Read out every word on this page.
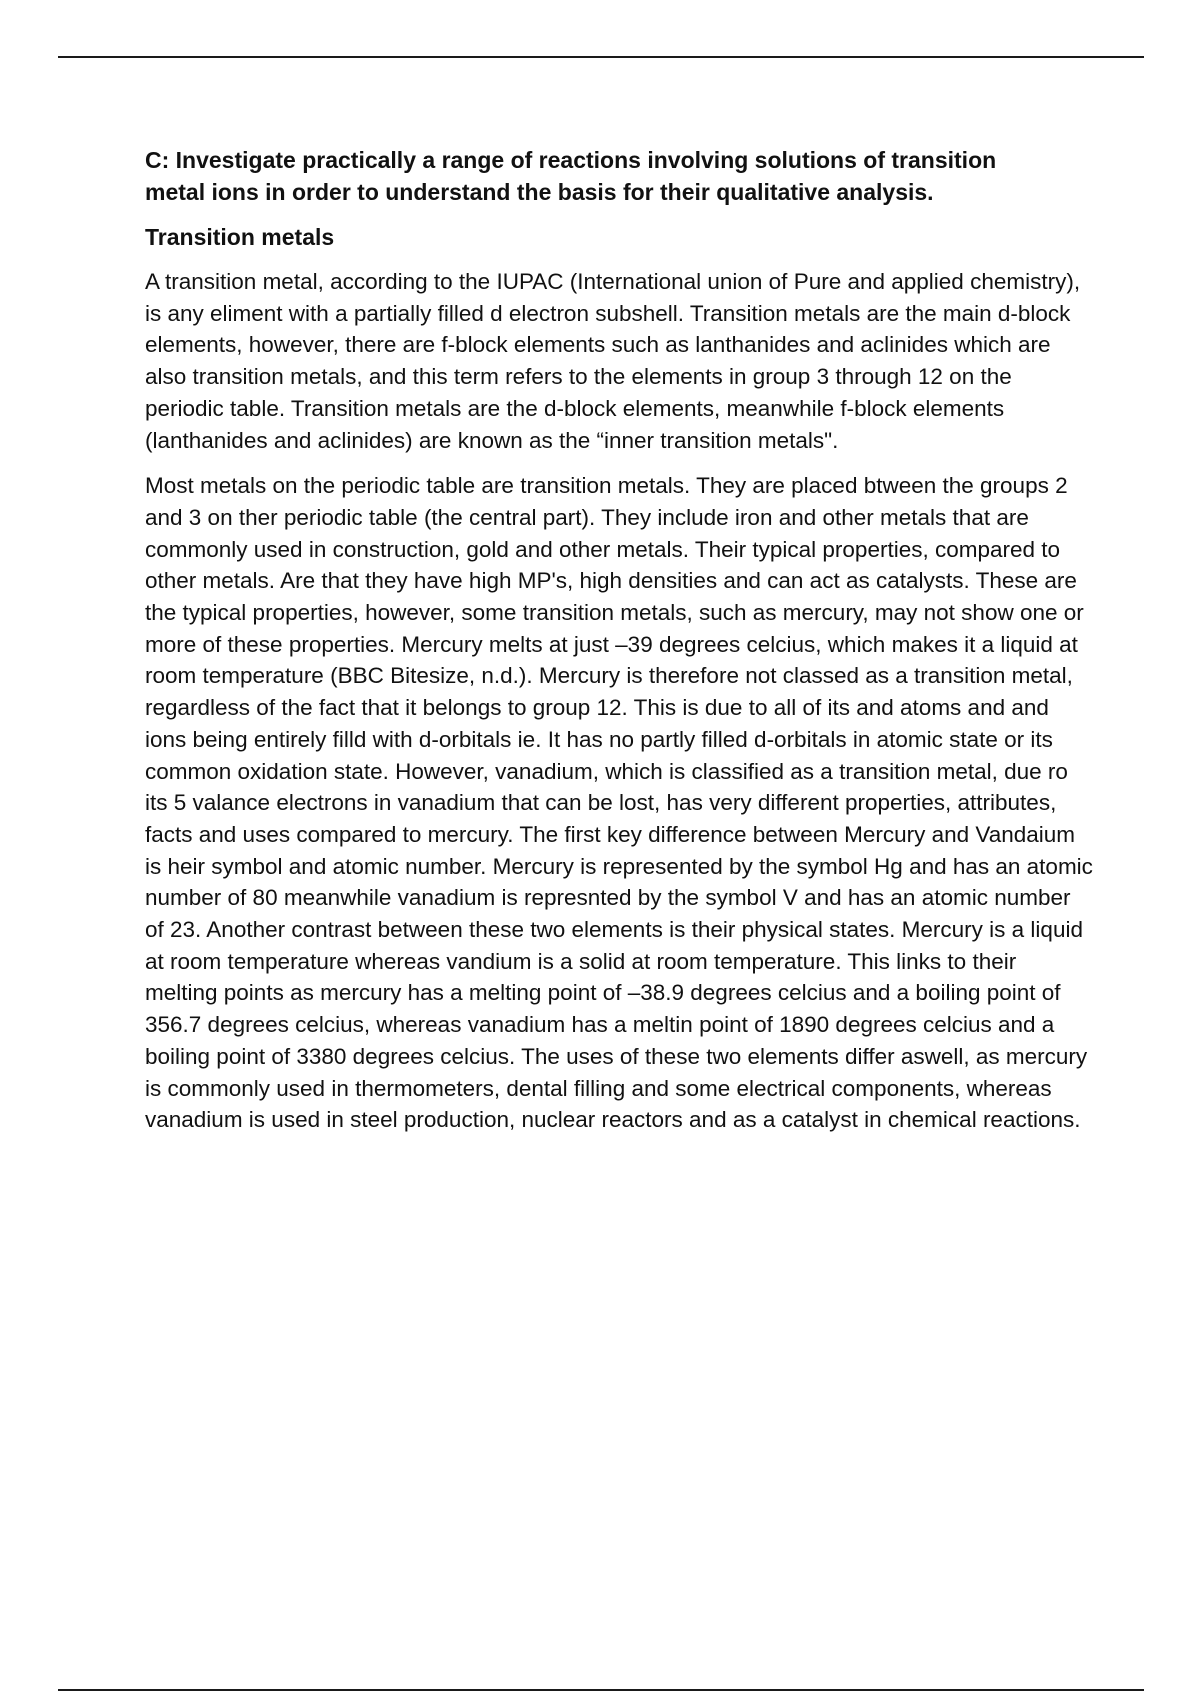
C: Investigate practically a range of reactions involving solutions of transition metal ions in order to understand the basis for their qualitative analysis.

Transition metals

A transition metal, according to the IUPAC (International union of Pure and applied chemistry), is any eliment with a partially filled d electron subshell. Transition metals are the main d-block elements, however, there are f-block elements such as lanthanides and aclinides which are also transition metals, and this term refers to the elements in group 3 through 12 on the periodic table. Transition metals are the d-block elements, meanwhile f-block elements (lanthanides and aclinides) are known as the “inner transition metals".

Most metals on the periodic table are transition metals. They are placed btween the groups 2 and 3 on ther periodic table (the central part). They include iron and other metals that are commonly used in construction, gold and other metals. Their typical properties, compared to other metals. Are that they have high MP's, high densities and can act as catalysts. These are the typical properties, however, some transition metals, such as mercury, may not show one or more of these properties. Mercury melts at just –39 degrees celcius, which makes it a liquid at room temperature (BBC Bitesize, n.d.). Mercury is therefore not classed as a transition metal, regardless of the fact that it belongs to group 12. This is due to all of its and atoms and and ions being entirely filld with d-orbitals ie. It has no partly filled d-orbitals in atomic state or its common oxidation state. However, vanadium, which is classified as a transition metal, due ro its 5 valance electrons in vanadium that can be lost, has very different properties, attributes, facts and uses compared to mercury. The first key difference between Mercury and Vandaium is heir symbol and atomic number. Mercury is represented by the symbol Hg and has an atomic number of 80 meanwhile vanadium is represnted by the symbol V and has an atomic number of 23. Another contrast between these two elements is their physical states. Mercury is a liquid at room temperature whereas vandium is a solid at room temperature. This links to their melting points as mercury has a melting point of –38.9 degrees celcius and a boiling point of 356.7 degrees celcius, whereas vanadium has a meltin point of 1890 degrees celcius and a boiling point of 3380 degrees celcius. The uses of these two elements differ aswell, as mercury is commonly used in thermometers, dental filling and some electrical components, whereas vanadium is used in steel production, nuclear reactors and as a catalyst in chemical reactions.
